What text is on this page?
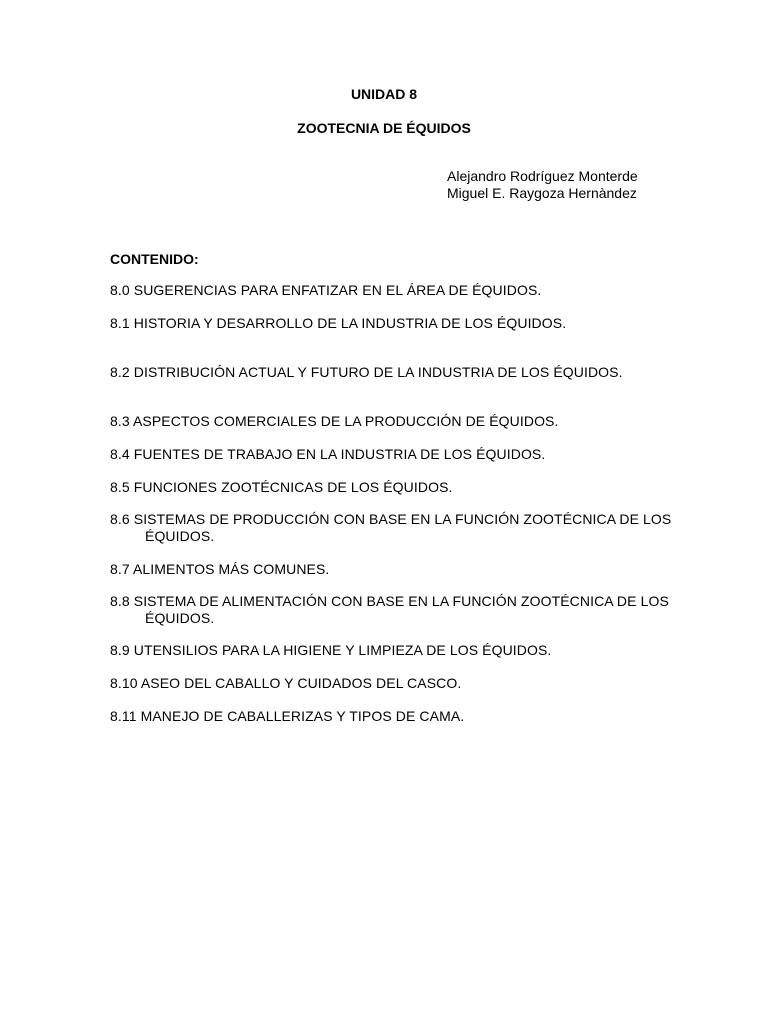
UNIDAD 8
ZOOTECNIA DE ÉQUIDOS
Alejandro Rodríguez Monterde
Miguel E. Raygoza Hernàndez
CONTENIDO:
8.0 SUGERENCIAS PARA ENFATIZAR EN EL ÁREA DE ÉQUIDOS.
8.1 HISTORIA Y DESARROLLO DE LA INDUSTRIA DE LOS ÉQUIDOS.
8.2 DISTRIBUCIÓN ACTUAL Y FUTURO DE LA INDUSTRIA DE LOS ÉQUIDOS.
8.3 ASPECTOS COMERCIALES DE LA PRODUCCIÓN DE ÉQUIDOS.
8.4 FUENTES DE TRABAJO EN LA INDUSTRIA DE LOS ÉQUIDOS.
8.5 FUNCIONES ZOOTÉCNICAS DE LOS ÉQUIDOS.
8.6 SISTEMAS DE PRODUCCIÓN CON BASE EN LA FUNCIÓN ZOOTÉCNICA DE LOS ÉQUIDOS.
8.7 ALIMENTOS MÁS COMUNES.
8.8 SISTEMA DE ALIMENTACIÓN CON BASE EN LA FUNCIÓN ZOOTÉCNICA DE LOS ÉQUIDOS.
8.9 UTENSILIOS PARA LA HIGIENE Y LIMPIEZA DE LOS ÉQUIDOS.
8.10 ASEO DEL CABALLO Y CUIDADOS DEL CASCO.
8.11 MANEJO DE CABALLERIZAS Y TIPOS DE CAMA.
